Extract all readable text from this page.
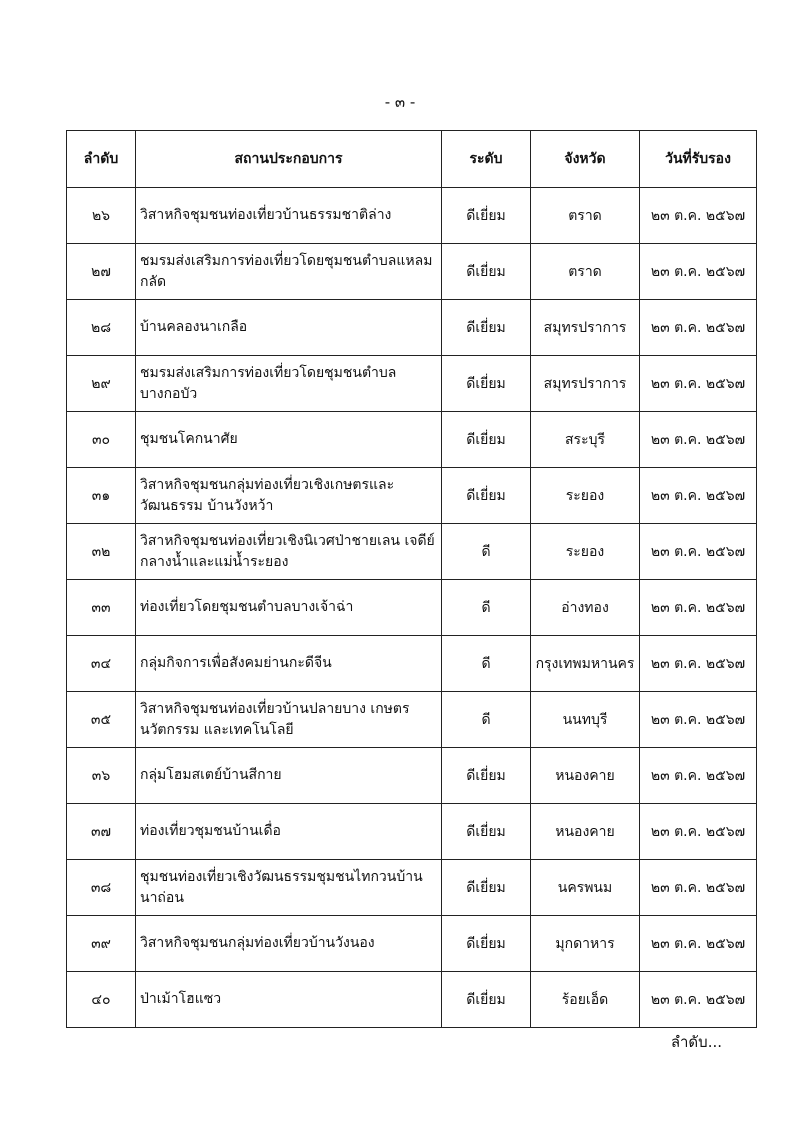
- ๓ -
ลำดับ	สถานประกอบการ	ระดับ	จังหวัด	วันที่รับรอง
๒๖	วิสาหกิจชุมชนท่องเที่ยวบ้านธรรมชาติล่าง	ดีเยี่ยม	ตราด	๒๓ ต.ค. ๒๕๖๗
๒๗	ชมรมส่งเสริมการท่องเที่ยวโดยชุมชนตำบลแหลมกลัด	ดีเยี่ยม	ตราด	๒๓ ต.ค. ๒๕๖๗
๒๘	บ้านคลองนาเกลือ	ดีเยี่ยม	สมุทรปราการ	๒๓ ต.ค. ๒๕๖๗
๒๙	ชมรมส่งเสริมการท่องเที่ยวโดยชุมชนตำบลบางกอบัว	ดีเยี่ยม	สมุทรปราการ	๒๓ ต.ค. ๒๕๖๗
๓๐	ชุมชนโคกนาศัย	ดีเยี่ยม	สระบุรี	๒๓ ต.ค. ๒๕๖๗
๓๑	วิสาหกิจชุมชนกลุ่มท่องเที่ยวเชิงเกษตรและวัฒนธรรม บ้านวังหว้า	ดีเยี่ยม	ระยอง	๒๓ ต.ค. ๒๕๖๗
๓๒	วิสาหกิจชุมชนท่องเที่ยวเชิงนิเวศป่าชายเลน เจดีย์กลางน้ำและแม่น้ำระยอง	ดี	ระยอง	๒๓ ต.ค. ๒๕๖๗
๓๓	ท่องเที่ยวโดยชุมชนตำบลบางเจ้าฉ่า	ดี	อ่างทอง	๒๓ ต.ค. ๒๕๖๗
๓๔	กลุ่มกิจการเพื่อสังคมย่านกะดีจีน	ดี	กรุงเทพมหานคร	๒๓ ต.ค. ๒๕๖๗
๓๕	วิสาหกิจชุมชนท่องเที่ยวบ้านปลายบาง เกษตร นวัตกรรม และเทคโนโลยี	ดี	นนทบุรี	๒๓ ต.ค. ๒๕๖๗
๓๖	กลุ่มโฮมสเตย์บ้านสีกาย	ดีเยี่ยม	หนองคาย	๒๓ ต.ค. ๒๕๖๗
๓๗	ท่องเที่ยวชุมชนบ้านเดื่อ	ดีเยี่ยม	หนองคาย	๒๓ ต.ค. ๒๕๖๗
๓๘	ชุมชนท่องเที่ยวเชิงวัฒนธรรมชุมชนไทกวนบ้านนาถ่อน	ดีเยี่ยม	นครพนม	๒๓ ต.ค. ๒๕๖๗
๓๙	วิสาหกิจชุมชนกลุ่มท่องเที่ยวบ้านวังนอง	ดีเยี่ยม	มุกดาหาร	๒๓ ต.ค. ๒๕๖๗
๔๐	ป่าเม้าโฮแซว	ดีเยี่ยม	ร้อยเอ็ด	๒๓ ต.ค. ๒๕๖๗
ลำดับ...
